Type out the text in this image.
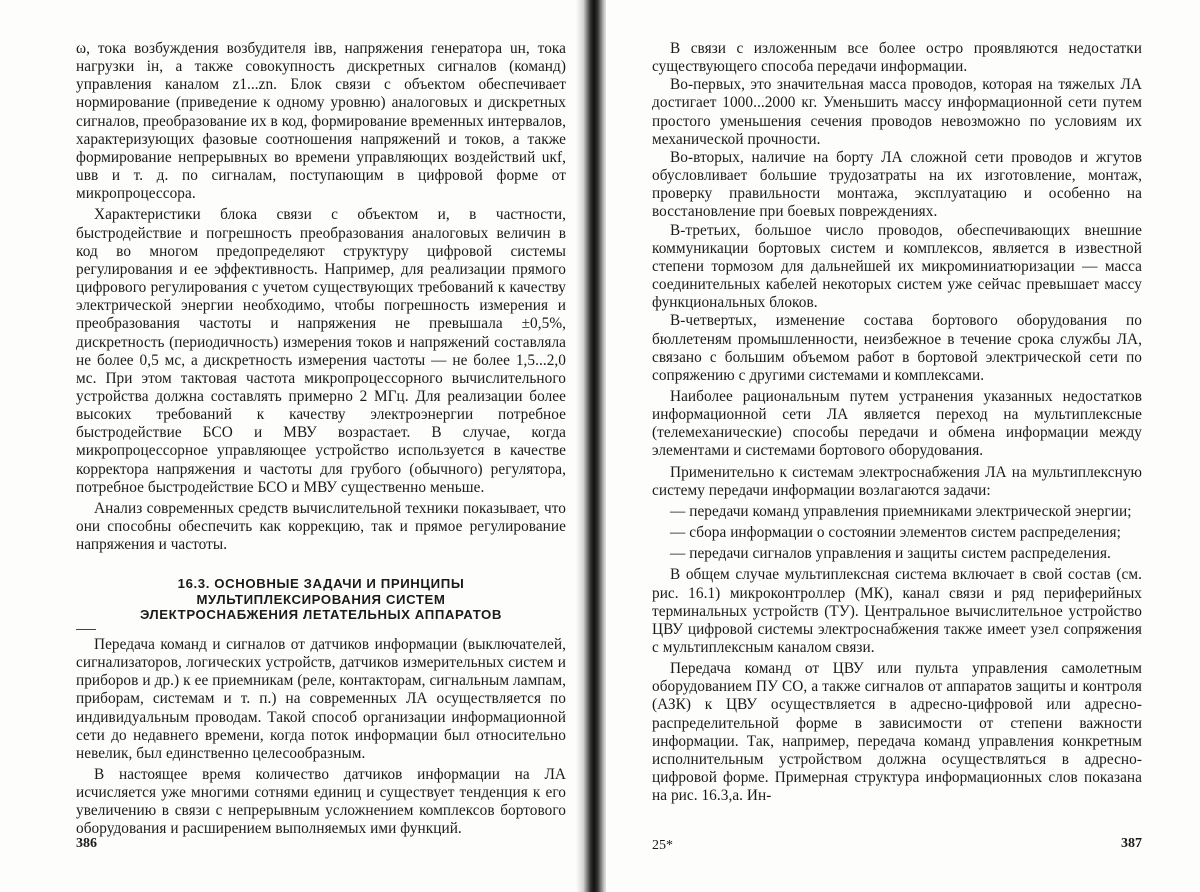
ω, тока возбуждения возбудителя iвв, напряжения генератора uн, тока нагрузки iн, а также совокупность дискретных сигналов (команд) управления каналом z1...zn. Блок связи с объектом обеспечивает нормирование (приведение к одному уровню) аналоговых и дискретных сигналов, преобразование их в код, формирование временных интервалов, характеризующих фазовые соотношения напряжений и токов, а также формирование непрерывных во времени управляющих воздействий uкf, uвв и т. д. по сигналам, поступающим в цифровой форме от микропроцессора.

Характеристики блока связи с объектом и, в частности, быстродействие и погрешность преобразования аналоговых величин в код во многом предопределяют структуру цифровой системы регулирования и ее эффективность. Например, для реализации прямого цифрового регулирования с учетом существующих требований к качеству электрической энергии необходимо, чтобы погрешность измерения и преобразования частоты и напряжения не превышала ±0,5%, дискретность (периодичность) измерения токов и напряжений составляла не более 0,5 мс, а дискретность измерения частоты — не более 1,5...2,0 мс. При этом тактовая частота микропроцессорного вычислительного устройства должна составлять примерно 2 МГц. Для реализации более высоких требований к качеству электроэнергии потребное быстродействие БСО и МВУ возрастает. В случае, когда микропроцессорное управляющее устройство используется в качестве корректора напряжения и частоты для грубого (обычного) регулятора, потребное быстродействие БСО и МВУ существенно меньше.

Анализ современных средств вычислительной техники показывает, что они способны обеспечить как коррекцию, так и прямое регулирование напряжения и частоты.

16.3. ОСНОВНЫЕ ЗАДАЧИ И ПРИНЦИПЫ
МУЛЬТИПЛЕКСИРОВАНИЯ СИСТЕМ
ЭЛЕКТРОСНАБЖЕНИЯ ЛЕТАТЕЛЬНЫХ АППАРАТОВ

Передача команд и сигналов от датчиков информации (выключателей, сигнализаторов, логических устройств, датчиков измерительных систем и приборов и др.) к ее приемникам (реле, контакторам, сигнальным лампам, приборам, системам и т. п.) на современных ЛА осуществляется по индивидуальным проводам. Такой способ организации информационной сети до недавнего времени, когда поток информации был относительно невелик, был единственно целесообразным.

В настоящее время количество датчиков информации на ЛА исчисляется уже многими сотнями единиц и существует тенденция к его увеличению в связи с непрерывным усложнением комплексов бортового оборудования и расширением выполняемых ими функций.

386

В связи с изложенным все более остро проявляются недостатки существующего способа передачи информации.

Во-первых, это значительная масса проводов, которая на тяжелых ЛА достигает 1000...2000 кг. Уменьшить массу информационной сети путем простого уменьшения сечения проводов невозможно по условиям их механической прочности.

Во-вторых, наличие на борту ЛА сложной сети проводов и жгутов обусловливает большие трудозатраты на их изготовление, монтаж, проверку правильности монтажа, эксплуатацию и особенно на восстановление при боевых повреждениях.

В-третьих, большое число проводов, обеспечивающих внешние коммуникации бортовых систем и комплексов, является в известной степени тормозом для дальнейшей их микроминиатюризации — масса соединительных кабелей некоторых систем уже сейчас превышает массу функциональных блоков.

В-четвертых, изменение состава бортового оборудования по бюллетеням промышленности, неизбежное в течение срока службы ЛА, связано с большим объемом работ в бортовой электрической сети по сопряжению с другими системами и комплексами.

Наиболее рациональным путем устранения указанных недостатков информационной сети ЛА является переход на мультиплексные (телемеханические) способы передачи и обмена информации между элементами и системами бортового оборудования.

Применительно к системам электроснабжения ЛА на мультиплексную систему передачи информации возлагаются задачи:

— передачи команд управления приемниками электрической энергии;

— сбора информации о состоянии элементов систем распределения;

— передачи сигналов управления и защиты систем распределения.

В общем случае мультиплексная система включает в свой состав (см. рис. 16.1) микроконтроллер (МК), канал связи и ряд периферийных терминальных устройств (ТУ). Центральное вычислительное устройство ЦВУ цифровой системы электроснабжения также имеет узел сопряжения с мультиплексным каналом связи.

Передача команд от ЦВУ или пульта управления самолетным оборудованием ПУ СО, а также сигналов от аппаратов защиты и контроля (АЗК) к ЦВУ осуществляется в адресно-цифровой или адресно-распределительной форме в зависимости от степени важности информации. Так, например, передача команд управления конкретным исполнительным устройством должна осуществляться в адресно-цифровой форме. Примерная структура информационных слов показана на рис. 16.3,а. Ин-

25*	387
